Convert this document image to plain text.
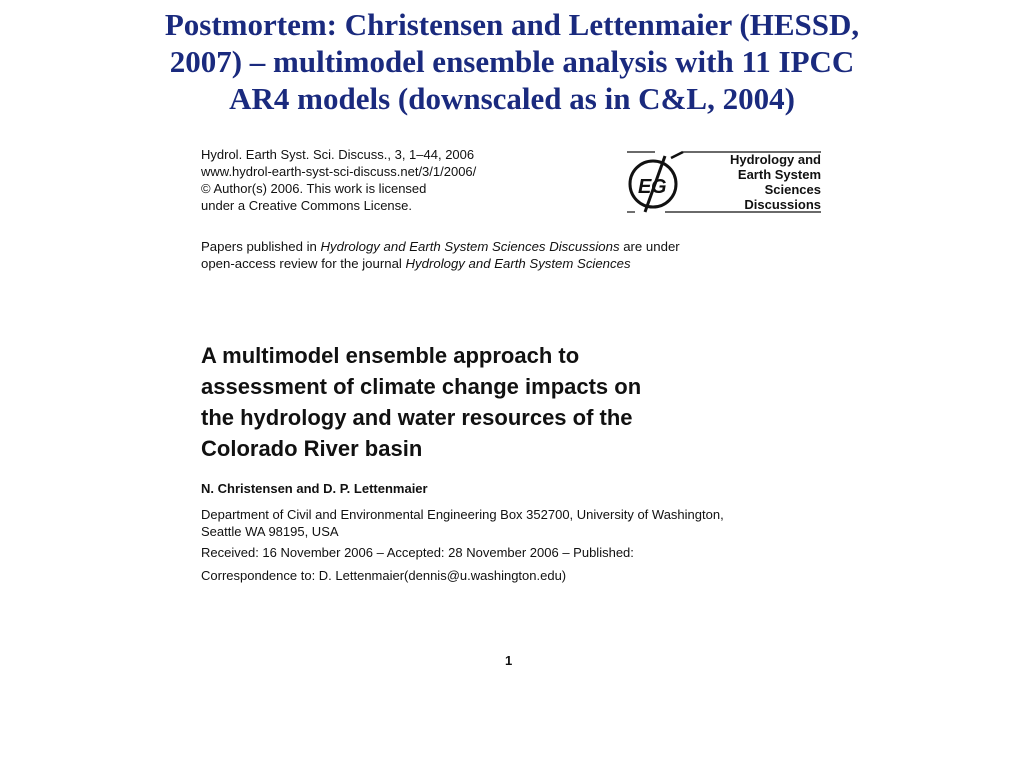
Postmortem: Christensen and Lettenmaier (HESSD,
2007) – multimodel ensemble analysis with 11 IPCC
AR4 models (downscaled as in C&L, 2004)
Hydrol. Earth Syst. Sci. Discuss., 3, 1–44, 2006
www.hydrol-earth-syst-sci-discuss.net/3/1/2006/
© Author(s) 2006. This work is licensed
under a Creative Commons License.
E G
Hydrology and
Earth System
Sciences
Discussions
Papers published in Hydrology and Earth System Sciences Discussions are under
open-access review for the journal Hydrology and Earth System Sciences
A multimodel ensemble approach to
assessment of climate change impacts on
the hydrology and water resources of the
Colorado River basin
N. Christensen and D. P. Lettenmaier
Department of Civil and Environmental Engineering Box 352700, University of Washington,
Seattle WA 98195, USA
Received: 16 November 2006 – Accepted: 28 November 2006 – Published:
Correspondence to: D. Lettenmaier(dennis@u.washington.edu)
1
